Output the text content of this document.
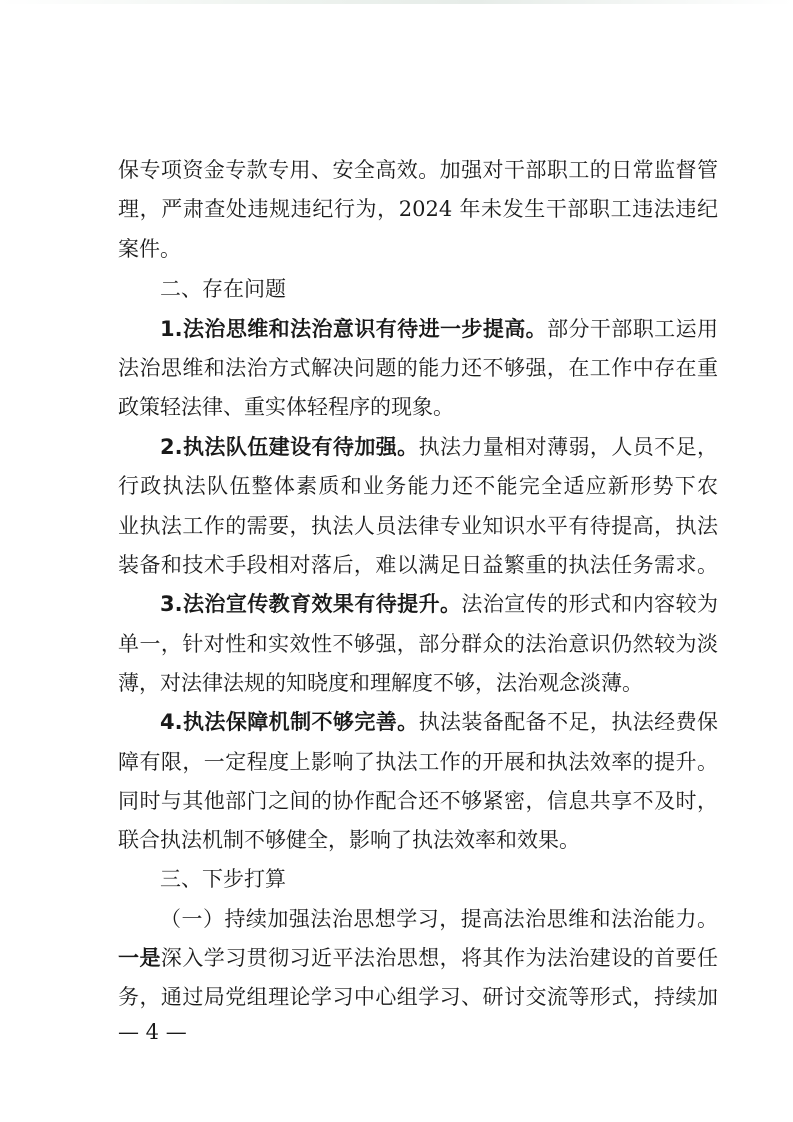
保专项资金专款专用、安全高效。加强对干部职工的日常监督管
理，严肃查处违规违纪行为，2024 年未发生干部职工违法违纪
案件。
二、存在问题
1.法治思维和法治意识有待进一步提高。部分干部职工运用
法治思维和法治方式解决问题的能力还不够强，在工作中存在重
政策轻法律、重实体轻程序的现象。
2.执法队伍建设有待加强。执法力量相对薄弱，人员不足，
行政执法队伍整体素质和业务能力还不能完全适应新形势下农
业执法工作的需要，执法人员法律专业知识水平有待提高，执法
装备和技术手段相对落后，难以满足日益繁重的执法任务需求。
3.法治宣传教育效果有待提升。法治宣传的形式和内容较为
单一，针对性和实效性不够强，部分群众的法治意识仍然较为淡
薄，对法律法规的知晓度和理解度不够，法治观念淡薄。
4.执法保障机制不够完善。执法装备配备不足，执法经费保
障有限，一定程度上影响了执法工作的开展和执法效率的提升。
同时与其他部门之间的协作配合还不够紧密，信息共享不及时，
联合执法机制不够健全，影响了执法效率和效果。
三、下步打算
（一）持续加强法治思想学习，提高法治思维和法治能力。
一是深入学习贯彻习近平法治思想，将其作为法治建设的首要任
务，通过局党组理论学习中心组学习、研讨交流等形式，持续加
— 4 —
